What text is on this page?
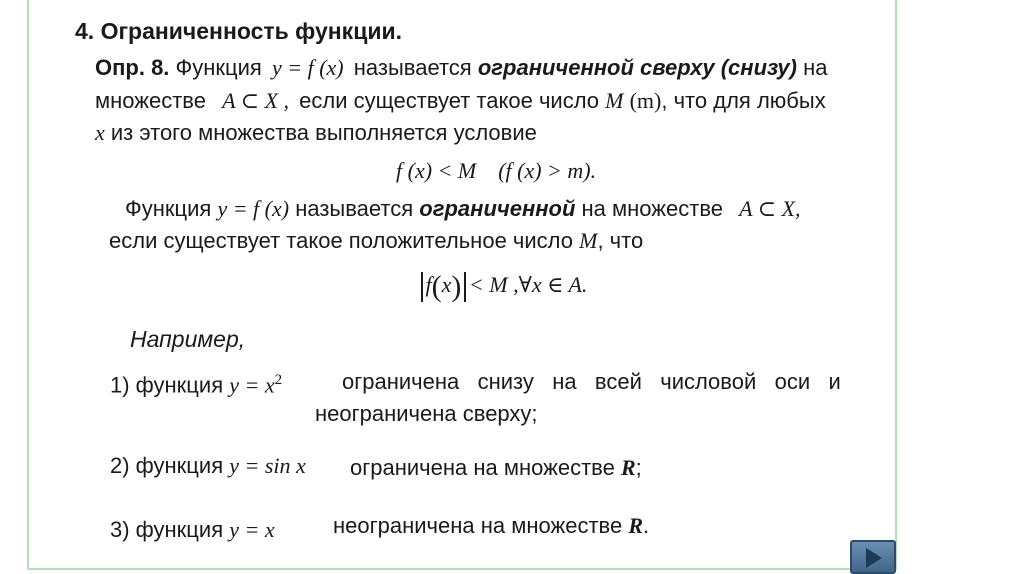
4. Ограниченность функции.
Опр. 8. Функция y = f (x) называется ограниченной сверху (снизу) на
множестве A ⊂ X , если существует такое число M (m), что для любых
x из этого множества выполняется условие
f (x) < M    (f (x) > m).
Функция y = f (x) называется ограниченной на множестве A ⊂ X,
если существует такое положительное число M, что
f(x) < M ,∀x ∈ A.
Например,
1) функция $y = x^2$	ограничена   снизу   на   всей   числовой   оси   и
неограничена сверху;
2) функция y = sin x ограничена на множестве R;
3) функция y = x	неограничена на множестве R.
